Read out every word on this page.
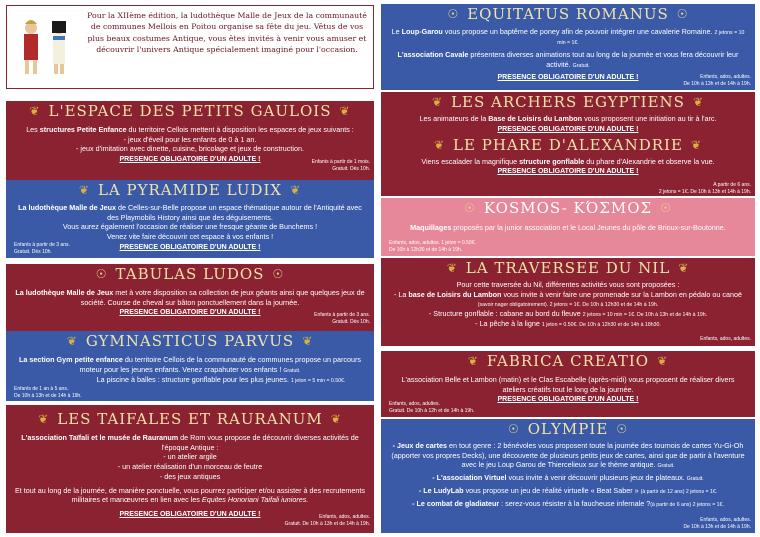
Pour la XIIème édition, la ludothèque Malle de Jeux de la communauté de communes Mellois en Poitou organise sa fête du jeu. Vêtus de vos plus beaux costumes Antique, vous êtes invités à venir vous amuser et découvrir l'univers Antique spécialement imaginé pour l'occasion.
❦ L'ESPACE DES PETITS GAULOIS ❦
Les structures Petite Enfance du territoire Cellois mettent à disposition les espaces de jeux suivants :
- jeux d'éveil pour les enfants de 0 à 1 an.
- jeux d'imitation avec dinette, cuisine, bricolage et jeux de construction.
PRESENCE OBLIGATOIRE D'UN ADULTE !	Enfants à partir de 1 mois.
Gratuit. Dès 10h.
❦ LA PYRAMIDE LUDIX ❦
La ludothèque Malle de Jeux de Celles-sur-Belle propose un espace thématique autour de l'Antiquité avec des Playmobils History ainsi que des déguisements.
Vous aurez également l'occasion de réaliser une fresque géante de Bunchems !
Venez vite faire découvrir cet espace à vos enfants !
PRESENCE OBLIGATOIRE D'UN ADULTE !
Enfants à partir de 3 ans.
Gratuit. Dès 10h.
☉ TABULAS LUDOS ☉
La ludothèque Malle de Jeux met à votre disposition sa collection de jeux géants ainsi que quelques jeux de société. Course de cheval sur bâton ponctuellement dans la journée.
PRESENCE OBLIGATOIRE D'UN ADULTE !	Enfants à partir de 3 ans.
Gratuit. Dès 10h.
❦ GYMNASTICUS PARVUS ❦
La section Gym petite enfance du territoire Cellois de la communauté de communes propose un parcours moteur pour les jeunes enfants. Venez crapahuter vos enfants ! Gratuit.
La piscine à balles : structure gonflable pour les plus jeunes. 1 jeton = 5 min = 0.50€.
Enfants de 1 an à 5 ans.
De 10h à 13h et de 14h à 19h.
❦ LES TAIFALES ET RAURANUM ❦
L'association Taïfali et le musée de Rauranum de Rom vous propose de découvrir diverses activités de l'époque Antique :
- un atelier argile
- un atelier réalisation d'un morceau de feutre
- des jeux antiques

Et tout au long de la journée, de manière ponctuelle, vous pourrez participer et/ou assister à des recrutements militaires et manœuvres en lien avec les Equites Honoriani Taifali iuniores.
PRESENCE OBLIGATOIRE D'UN ADULTE !	Enfants, ados, adultes.
Gratuit. De 10h à 13h et de 14h à 19h.
☉ EQUITATUS ROMANUS ☉
Le Loup-Garou vous propose un baptême de poney afin de pouvoir intégrer une cavalerie Romaine. 2 jetons = 10 min = 1€.
L'association Cavale présentera diverses animations tout au long de la journée et vous fera découvrir leur activité. Gratuit.
PRESENCE OBLIGATOIRE D'UN ADULTE !	Enfants, ados, adultes.
De 10h à 13h et de 14h à 19h.
❦ LES ARCHERS EGYPTIENS ❦
Les animateurs de la Base de Loisirs du Lambon vous proposent une initiation au tir à l'arc.
PRESENCE OBLIGATOIRE D'UN ADULTE !
❦ LE PHARE D'ALEXANDRIE ❦
Viens escalader la magnifique structure gonflable du phare d'Alexandrie et observe la vue.
PRESENCE OBLIGATOIRE D'UN ADULTE !
A partir de 6 ans.
2 jetons = 1€. De 10h à 13h et 14h à 19h.
☉ KOSMOS- ΚΌΣΜΟΣ ☉
Maquillages proposés par la junior association et le Local Jeunes du pôle de Brioux-sur-Boutonne.
Enfants, ados, adultes. 1 jeton = 0.50€.
De 10h à 12h30 et de 14h à 19h.
❦ LA TRAVERSEE DU NIL ❦
Pour cette traversée du Nil, différentes activités vous sont proposées :
- La base de Loisirs du Lambon vous invite à venir faire une promenade sur la Lambon en pédalo ou canoë (savoir nager obligatoirement). 2 jetons = 1€. De 10h à 12h30 et de 14h à 19h.
- Structure gonflable : cabane au bord du fleuve 2 jetons = 10 min = 1€. De 10h à 13h et de 14h à 19h.
- La pêche à la ligne 1 jeton = 0.50€. De 10h à 12h30 et de 14h à 18h30.
Enfants, ados, adultes.
❦ FABRICA CREATIO ❦
L'association Belle et Lambon (matin) et le Clas Escabelle (après-midi) vous proposent de réaliser divers ateliers créatifs tout le long de la journée.
PRESENCE OBLIGATOIRE D'UN ADULTE !
Enfants, ados, adultes.
Gratuit. De 10h à 12h et de 14h à 19h.
☉ OLYMPIE ☉
- Jeux de cartes en tout genre : 2 bénévoles vous proposent toute la journée des tournois de cartes Yu-Gi-Oh (apporter vos propres Decks), une découverte de plusieurs petits jeux de cartes, ainsi que de partir à l'aventure avec le jeu Loup Garou de Thiercelieux sur le thème antique. Gratuit.
- L'association Virtuel vous invite à venir découvrir plusieurs jeux de plateaux. Gratuit.
- Le LudyLab vous propose un jeu de réalité virtuelle « Beat Saber » (à partir de 12 ans) 2 jetons = 1€.
- Le combat de gladiateur : serez-vous résister à la faucheuse infernale ?(à partir de 6 ans) 2 jetons = 1€.
Enfants, ados, adultes.
De 10h à 13h et de 14h à 19h.
